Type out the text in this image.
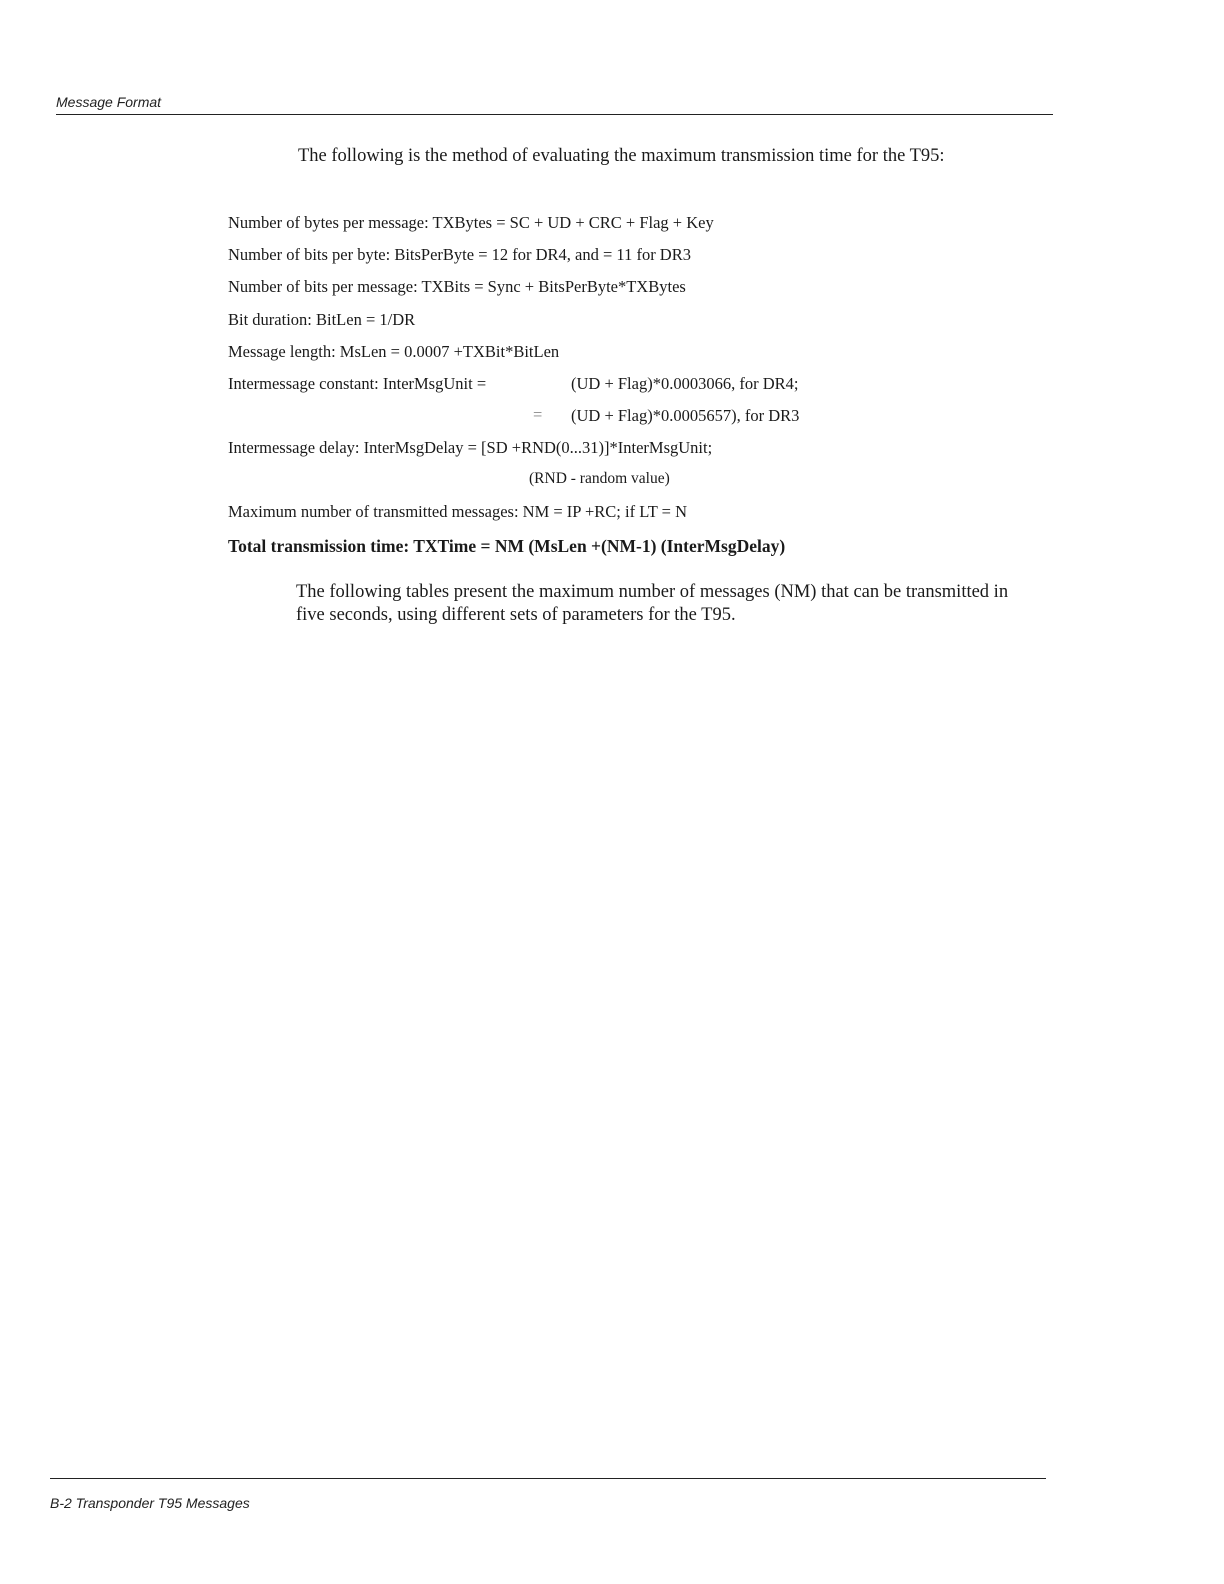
Message Format

The following is the method of evaluating the maximum transmission time for the T95:

Number of bytes per message: TXBytes = SC + UD + CRC + Flag + Key
Number of bits per byte: BitsPerByte = 12 for DR4, and = 11 for DR3
Number of bits per message: TXBits = Sync + BitsPerByte*TXBytes
Bit duration: BitLen = 1/DR
Message length: MsLen = 0.0007 +TXBit*BitLen
Intermessage constant: InterMsgUnit =	(UD + Flag)*0.0003066, for DR4;
= (UD + Flag)*0.0005657), for DR3
Intermessage delay: InterMsgDelay = [SD +RND(0...31)]*InterMsgUnit;
(RND - random value)
Maximum number of transmitted messages: NM = IP +RC; if LT = N
Total transmission time: TXTime = NM (MsLen +(NM-1) (InterMsgDelay)

The following tables present the maximum number of messages (NM) that can be transmitted in five seconds, using different sets of parameters for the T95.

B-2 Transponder T95 Messages
